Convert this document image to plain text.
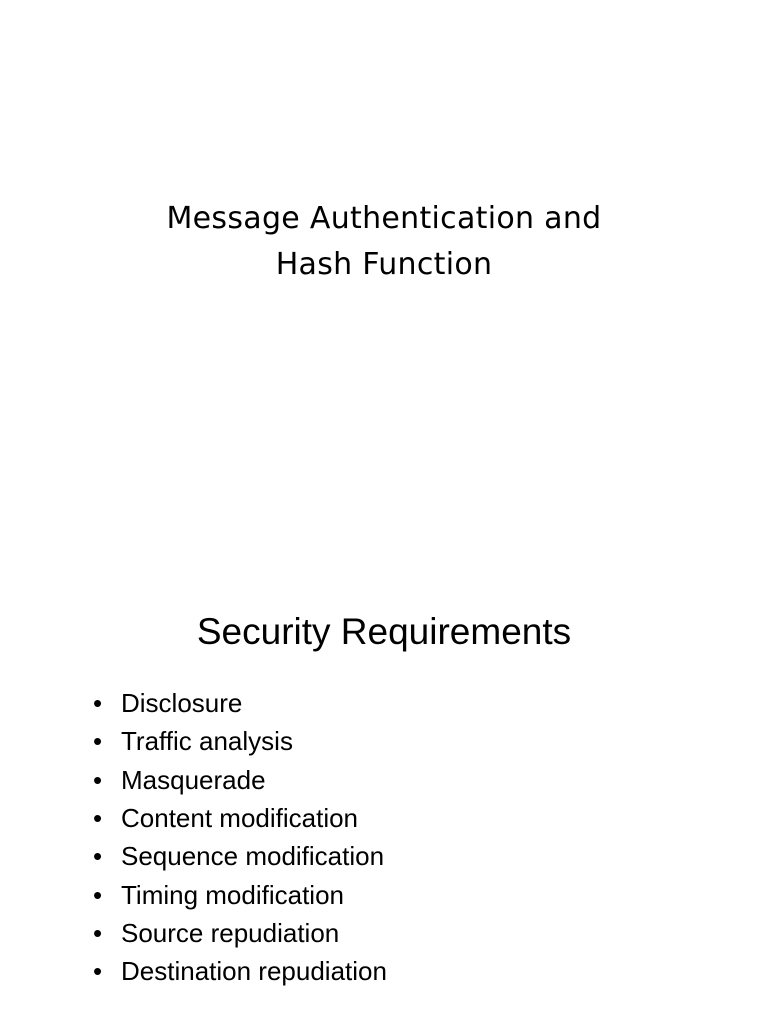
Message Authentication and
Hash Function
Security Requirements
• Disclosure
• Traffic analysis
• Masquerade
• Content modification
• Sequence modification
• Timing modification
• Source repudiation
• Destination repudiation
